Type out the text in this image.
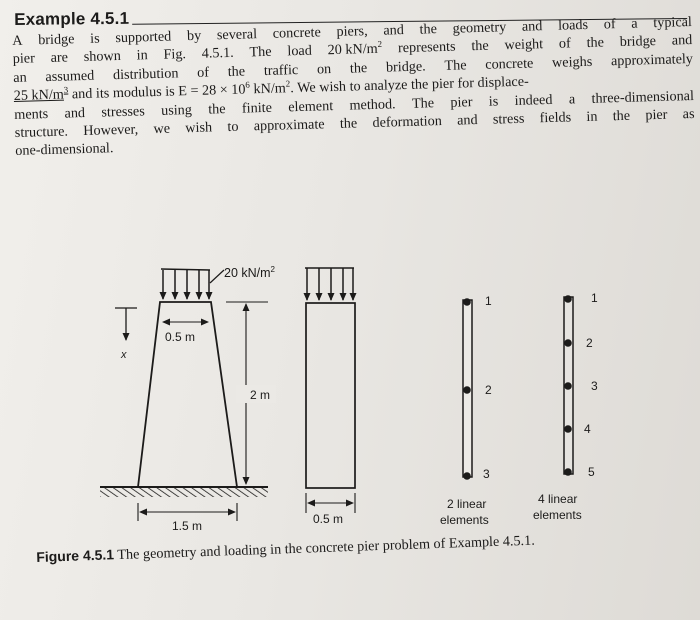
Example 4.5.1
A bridge is supported by several concrete piers, and the geometry and loads of a typical
pier are shown in Fig. 4.5.1. The load 20 $kN/m^2$ represents the weight of the bridge and
an assumed distribution of the traffic on the bridge. The concrete weighs approximately
25 $kN/m^3$ and its modulus is $E = 28 \times 10^6$ $kN/m^2$. We wish to analyze the pier for displace-
ments and stresses using the finite element method. The pier is indeed a three-dimensional
structure. However, we wish to approximate the deformation and stress fields in the pier as
one-dimensional.
20 $kN/m^2$
0.5 m
x
2 m
1.5 m	0.5 m
1
2
3
2 linear
elements
1
3
5
2
4
4 linear
elements
Figure 4.5.1 The geometry and loading in the concrete pier problem of Example 4.5.1.
